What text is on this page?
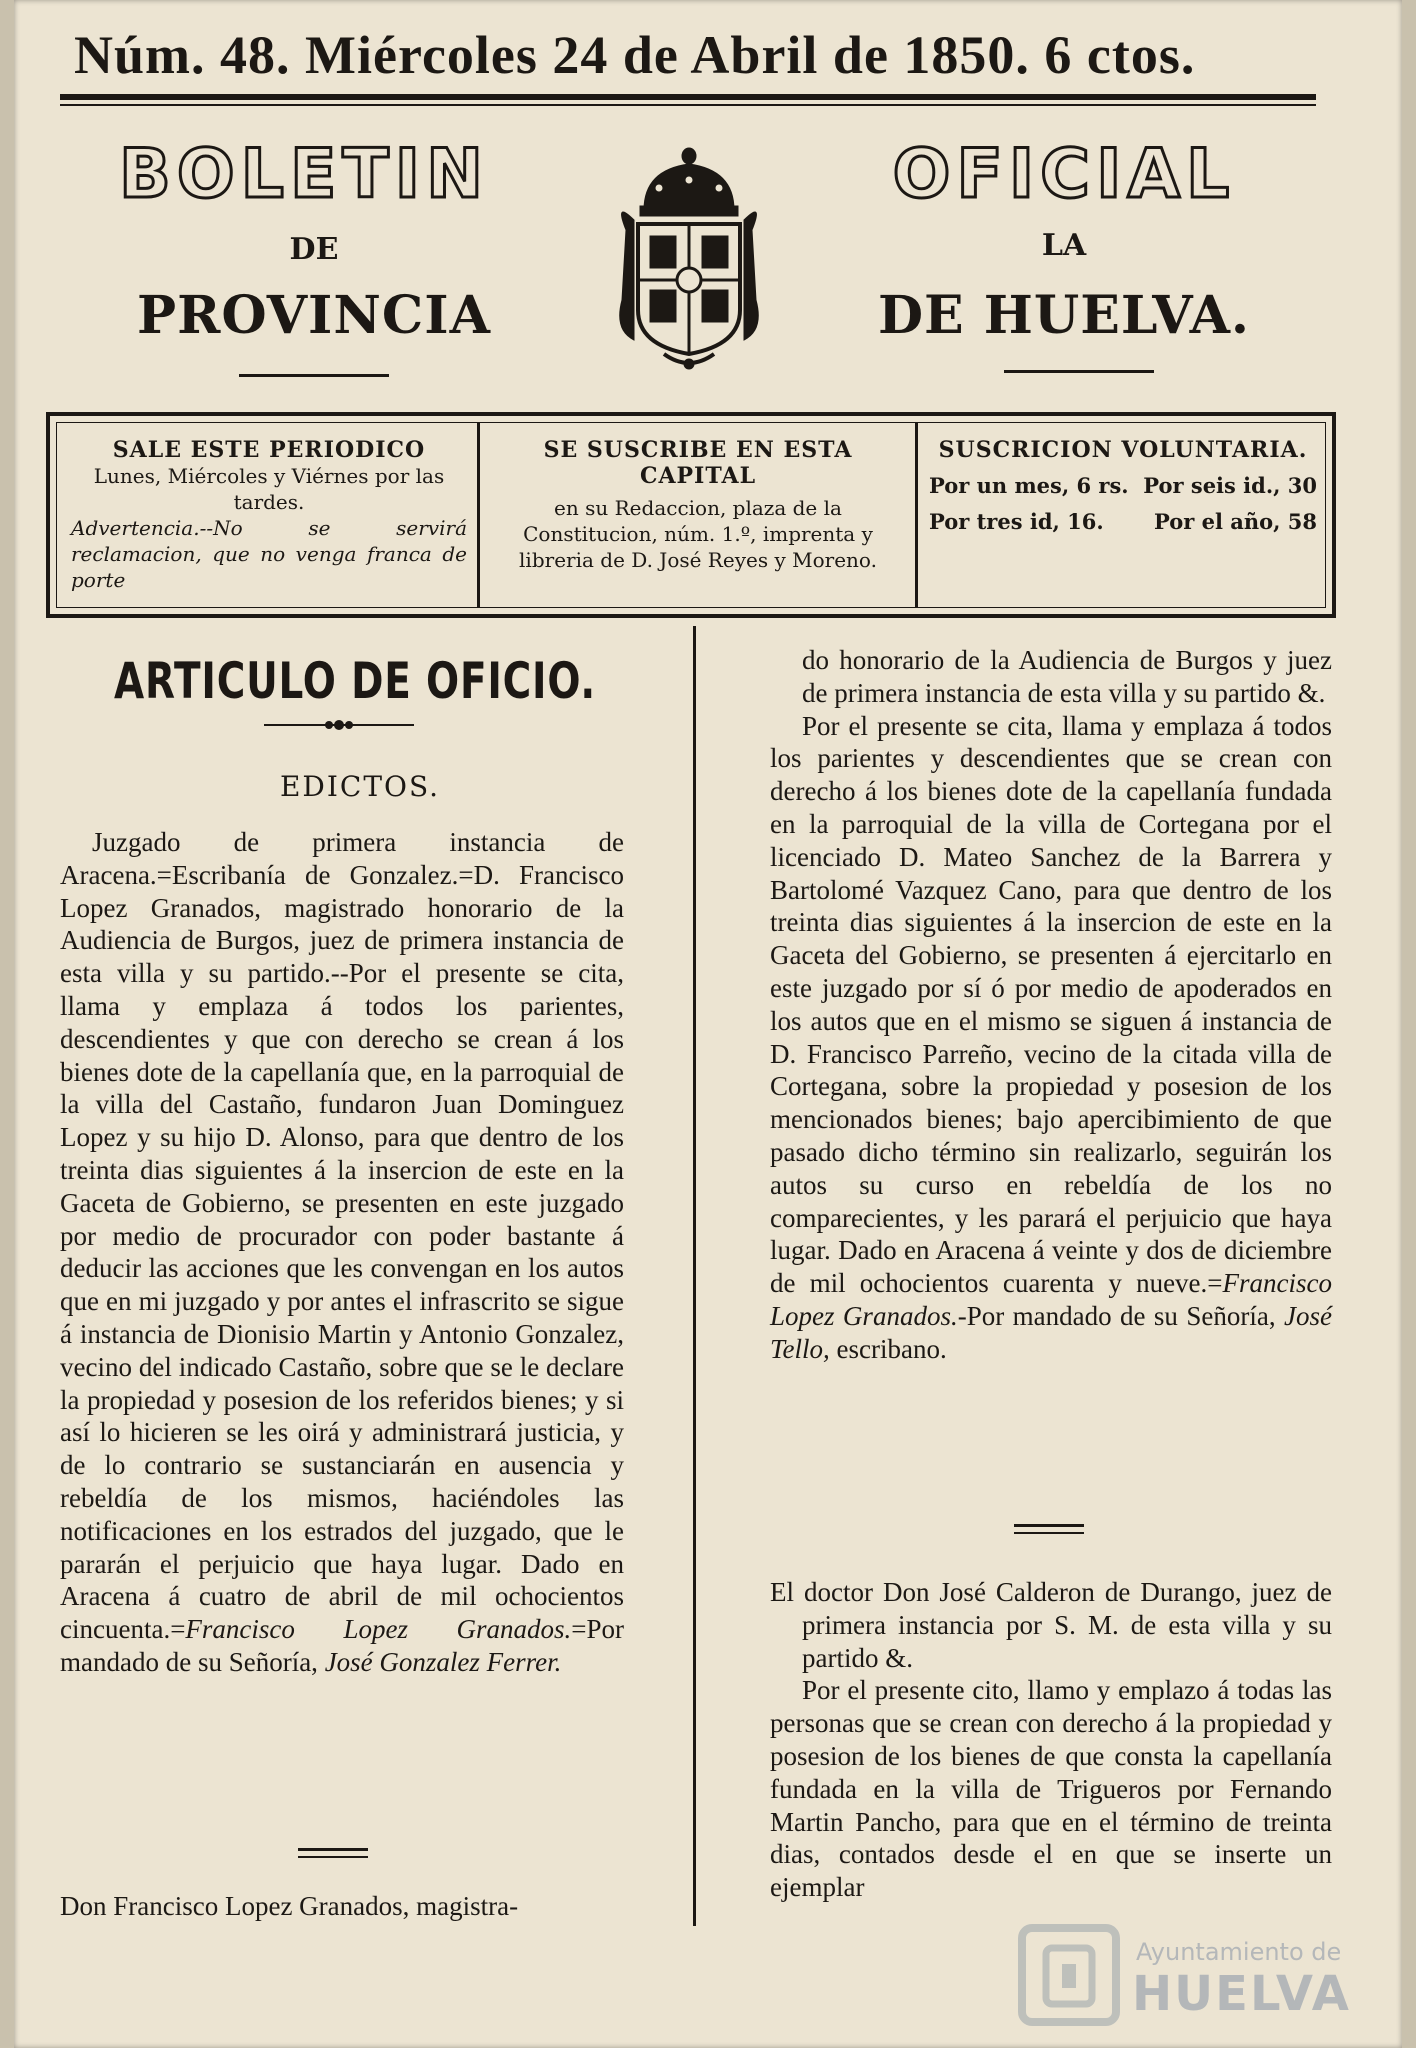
Núm. 48. Miércoles 24 de Abril de 1850. 6 ctos.
BOLETIN	OFICIAL
DE	LA
PROVINCIA	DE HUELVA.
SALE ESTE PERIODICO
Lunes, Miércoles y Viérnes por las tardes.
Advertencia.--No se servirá reclamacion, que no venga franca de porte
SE SUSCRIBE EN ESTA CAPITAL
en su Redaccion, plaza de la Constitucion, núm. 1.º, imprenta y libreria de D. José Reyes y Moreno.
SUSCRICION VOLUNTARIA.
Por un mes, 6 rs. Por seis id., 30
Por tres id, 16. Por el año, 58
ARTICULO DE OFICIO.
EDICTOS.

Juzgado de primera instancia de Aracena.=Escribanía de Gonzalez.=D. Francisco Lopez Granados, magistrado honorario de la Audiencia de Burgos, juez de primera instancia de esta villa y su partido.--Por el presente se cita, llama y emplaza á todos los parientes, descendientes y que con derecho se crean á los bienes dote de la capellanía que, en la parroquial de la villa del Castaño, fundaron Juan Dominguez Lopez y su hijo D. Alonso, para que dentro de los treinta dias siguientes á la insercion de este en la Gaceta de Gobierno, se presenten en este juzgado por medio de procurador con poder bastante á deducir las acciones que les convengan en los autos que en mi juzgado y por antes el infrascrito se sigue á instancia de Dionisio Martin y Antonio Gonzalez, vecino del indicado Castaño, sobre que se le declare la propiedad y posesion de los referidos bienes; y si así lo hicieren se les oirá y administrará justicia, y de lo contrario se sustanciarán en ausencia y rebeldía de los mismos, haciéndoles las notificaciones en los estrados del juzgado, que le pararán el perjuicio que haya lugar. Dado en Aracena á cuatro de abril de mil ochocientos cincuenta.=Francisco Lopez Granados.=Por mandado de su Señoría, José Gonzalez Ferrer.

Don Francisco Lopez Granados, magistra-

do honorario de la Audiencia de Burgos y juez de primera instancia de esta villa y su partido &.

Por el presente se cita, llama y emplaza á todos los parientes y descendientes que se crean con derecho á los bienes dote de la capellanía fundada en la parroquial de la villa de Cortegana por el licenciado D. Mateo Sanchez de la Barrera y Bartolomé Vazquez Cano, para que dentro de los treinta dias siguientes á la insercion de este en la Gaceta del Gobierno, se presenten á ejercitarlo en este juzgado por sí ó por medio de apoderados en los autos que en el mismo se siguen á instancia de D. Francisco Parreño, vecino de la citada villa de Cortegana, sobre la propiedad y posesion de los mencionados bienes; bajo apercibimiento de que pasado dicho término sin realizarlo, seguirán los autos su curso en rebeldía de los no comparecientes, y les parará el perjuicio que haya lugar. Dado en Aracena á veinte y dos de diciembre de mil ochocientos cuarenta y nueve.=Francisco Lopez Granados.-Por mandado de su Señoría, José Tello, escribano.

El doctor Don José Calderon de Durango, juez de primera instancia por S. M. de esta villa y su partido &.

Por el presente cito, llamo y emplazo á todas las personas que se crean con derecho á la propiedad y posesion de los bienes de que consta la capellanía fundada en la villa de Trigueros por Fernando Martin Pancho, para que en el término de treinta dias, contados desde el en que se inserte un ejemplar

Ayuntamiento de
HUELVA
